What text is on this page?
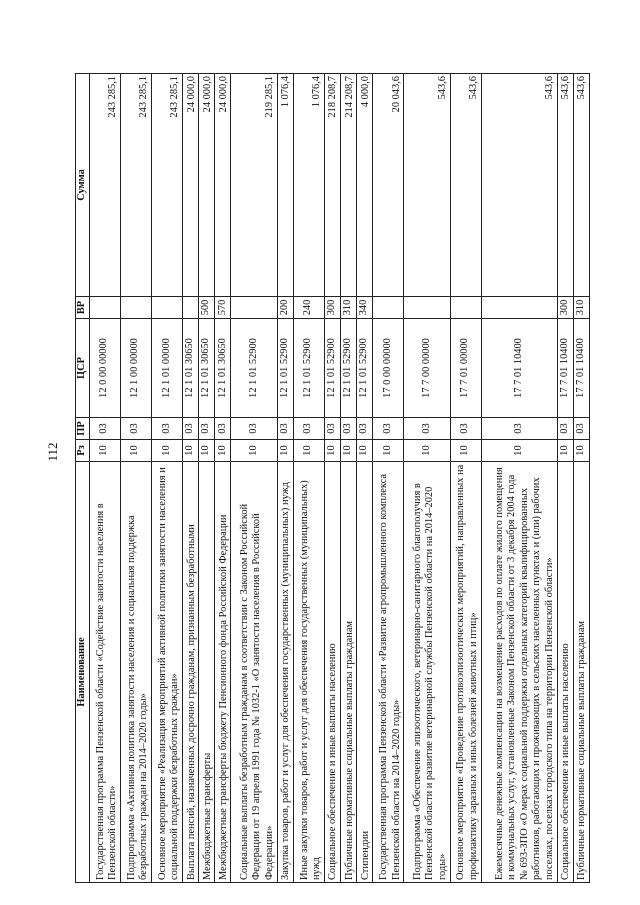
112
Наименование	Рз	ПР	ЦСР	ВР	Сумма
Государственная программа Пензенской области «Содействие занятости населения в Пензенской области»	10	03	12 0 00 00000		243 285,1
Подпрограмма «Активная политика занятости населения и социальная поддержка безработных граждан на 2014–2020 годы»	10	03	12 1 00 00000		243 285,1
Основное мероприятие «Реализация мероприятий активной политики занятости населения и социальной поддержки безработных граждан»	10	03	12 1 01 00000		243 285,1
Выплата пенсий, назначенных досрочно гражданам, признанным безработными	10	03	12 1 01 30650		24 000,0
Межбюджетные трансферты	10	03	12 1 01 30650	500	24 000,0
Межбюджетные трансферты бюджету Пенсионного фонда Российской Федерации	10	03	12 1 01 30650	570	24 000,0
Социальные выплаты безработным гражданам в соответствии с Законом Российской Федерации от 19 апреля 1991 года № 1032-1 «О занятости населения в Российской Федерации»	10	03	12 1 01 52900		219 285,1
Закупка товаров, работ и услуг для обеспечения государственных (муниципальных) нужд	10	03	12 1 01 52900	200	1 076,4
Иные закупки товаров, работ и услуг для обеспечения государственных (муниципальных) нужд	10	03	12 1 01 52900	240	1 076,4
Социальное обеспечение и иные выплаты населению	10	03	12 1 01 52900	300	218 208,7
Публичные нормативные социальные выплаты гражданам	10	03	12 1 01 52900	310	214 208,7
Стипендии	10	03	12 1 01 52900	340	4 000,0
Государственная программа Пензенской области «Развитие агропромышленного комплекса Пензенской области на 2014–2020 годы»	10	03	17 0 00 00000		20 043,6
Подпрограмма «Обеспечение эпизоотического, ветеринарно-санитарного благополучия в Пензенской области и развитие ветеринарной службы Пензенской области на 2014–2020 годы»	10	03	17 7 00 00000		543,6
Основное мероприятие «Проведение противоэпизоотических мероприятий, направленных на профилактику заразных и иных болезней животных и птиц»	10	03	17 7 01 00000		543,6
Ежемесячные денежные компенсации на возмещение расходов по оплате жилого помещения и коммунальных услуг, установленные Законом Пензенской области от 3 декабря 2004 года № 693-ЗПО «О мерах социальной поддержки отдельных категорий квалифицированных работников, работающих и проживающих в сельских населенных пунктах и (или) рабочих поселках, поселках городского типа на территории Пензенской области»	10	03	17 7 01 10400		543,6
Социальное обеспечение и иные выплаты населению	10	03	17 7 01 10400	300	543,6
Публичные нормативные социальные выплаты гражданам	10	03	17 7 01 10400	310	543,6
